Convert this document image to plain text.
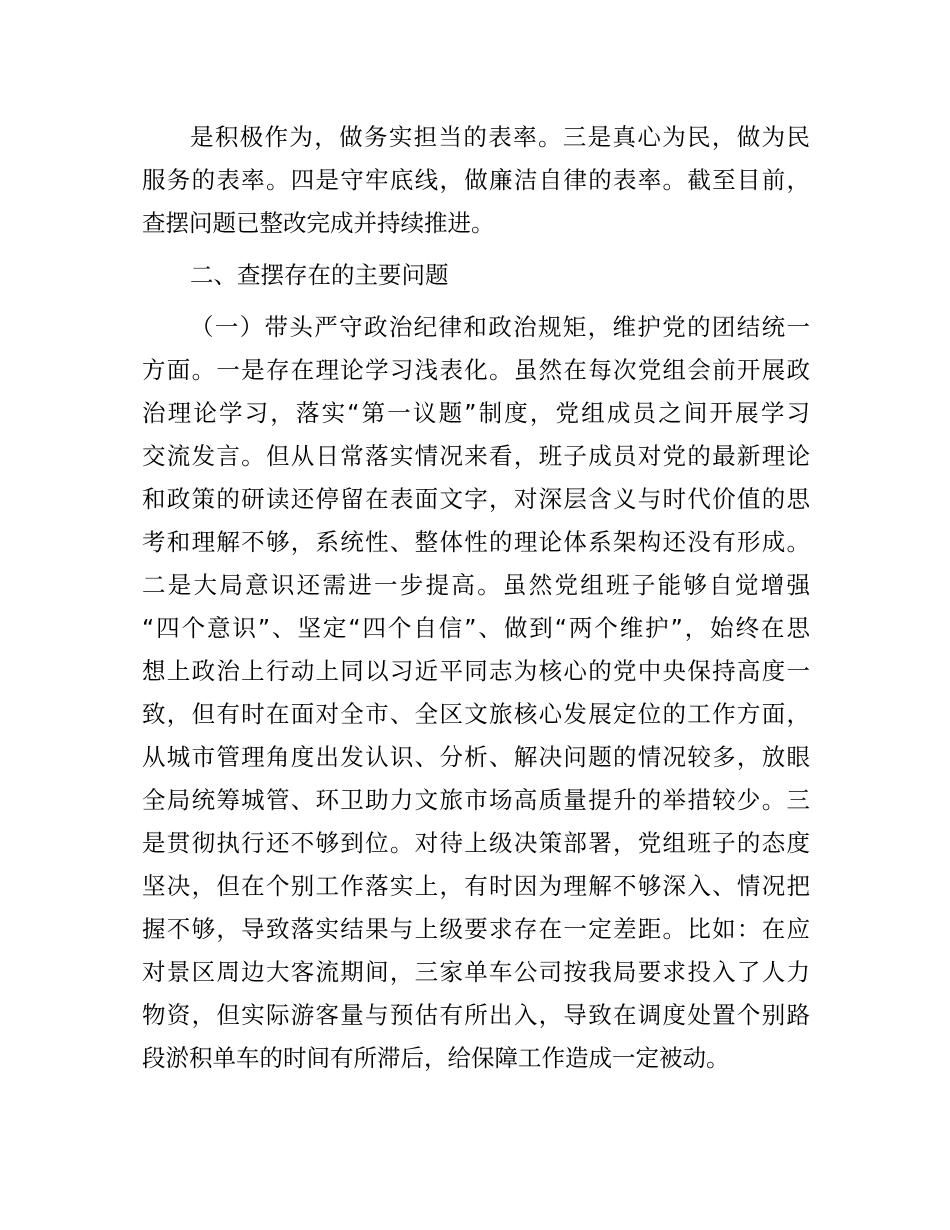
是积极作为，做务实担当的表率。三是真心为民，做为民
服务的表率。四是守牢底线，做廉洁自律的表率。截至目前，
查摆问题已整改完成并持续推进。
二、查摆存在的主要问题
（一）带头严守政治纪律和政治规矩，维护党的团结统一
方面。一是存在理论学习浅表化。虽然在每次党组会前开展政
治理论学习，落实“第一议题”制度，党组成员之间开展学习
交流发言。但从日常落实情况来看，班子成员对党的最新理论
和政策的研读还停留在表面文字，对深层含义与时代价值的思
考和理解不够，系统性、整体性的理论体系架构还没有形成。
二是大局意识还需进一步提高。虽然党组班子能够自觉增强
“四个意识”、坚定“四个自信”、做到“两个维护”，始终在思
想上政治上行动上同以习近平同志为核心的党中央保持高度一
致，但有时在面对全市、全区文旅核心发展定位的工作方面，
从城市管理角度出发认识、分析、解决问题的情况较多，放眼
全局统筹城管、环卫助力文旅市场高质量提升的举措较少。三
是贯彻执行还不够到位。对待上级决策部署，党组班子的态度
坚决，但在个别工作落实上，有时因为理解不够深入、情况把
握不够，导致落实结果与上级要求存在一定差距。比如：在应
对景区周边大客流期间，三家单车公司按我局要求投入了人力
物资，但实际游客量与预估有所出入，导致在调度处置个别路
段淤积单车的时间有所滞后，给保障工作造成一定被动。
